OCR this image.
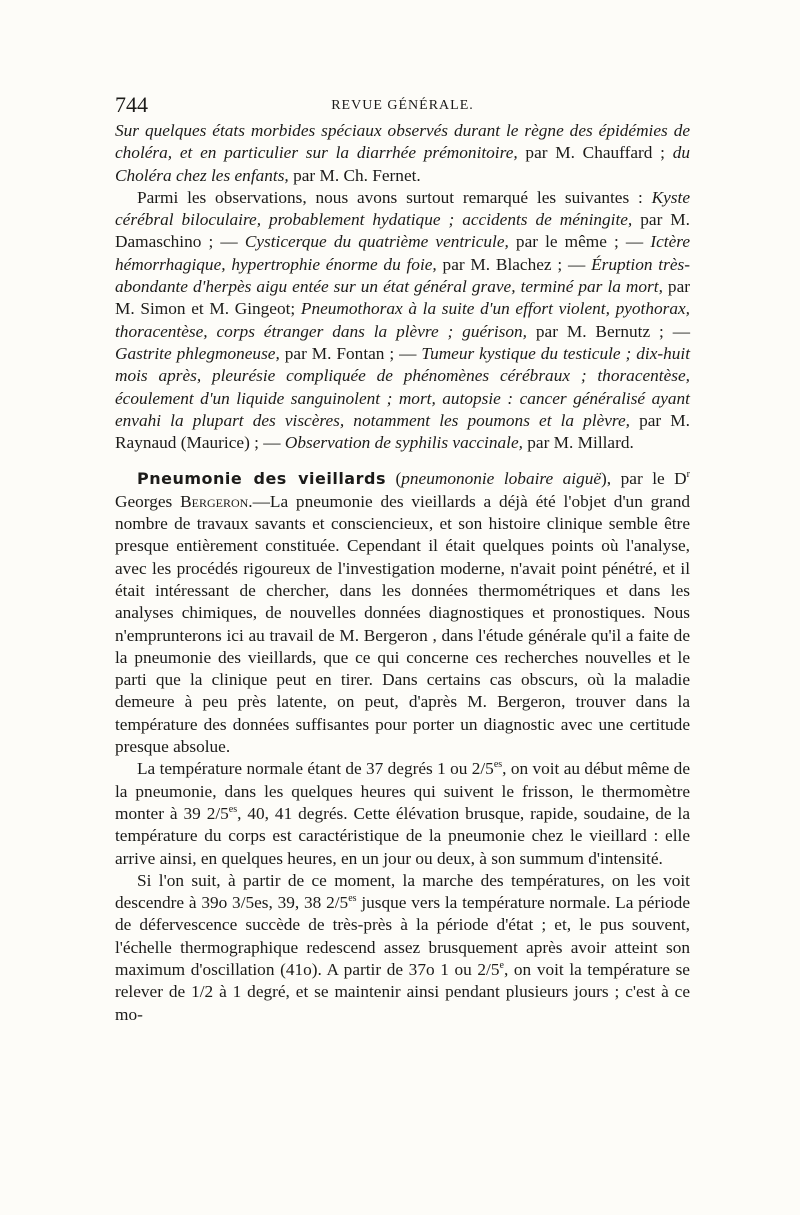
744	REVUE GÉNÉRALE.

Sur quelques états morbides spéciaux observés durant le règne des épidémies de choléra, et en particulier sur la diarrhée prémonitoire, par M. Chauffard ; du Choléra chez les enfants, par M. Ch. Fernet.

Parmi les observations, nous avons surtout remarqué les suivantes : Kyste cérébral biloculaire, probablement hydatique ; accidents de méningite, par M. Damaschino ; — Cysticerque du quatrième ventricule, par le même ; — Ictère hémorrhagique, hypertrophie énorme du foie, par M. Blachez ; — Éruption très-abondante d'herpès aigu entée sur un état général grave, terminé par la mort, par M. Simon et M. Gingeot; Pneumothorax à la suite d'un effort violent, pyothorax, thoracentèse, corps étranger dans la plèvre ; guérison, par M. Bernutz ; — Gastrite phlegmoneuse, par M. Fontan ; — Tumeur kystique du testicule ; dix-huit mois après, pleurésie compliquée de phénomènes cérébraux ; thoracentèse, écoulement d'un liquide sanguinolent ; mort, autopsie : cancer généralisé ayant envahi la plupart des viscères, notamment les poumons et la plèvre, par M. Raynaud (Maurice) ; — Observation de syphilis vaccinale, par M. Millard.

Pneumonie des vieillards (pneumononie lobaire aiguë), par le $D^r$ Georges Bergeron.—La pneumonie des vieillards a déjà été l'objet d'un grand nombre de travaux savants et consciencieux, et son histoire clinique semble être presque entièrement constituée. Cependant il était quelques points où l'analyse, avec les procédés rigoureux de l'investigation moderne, n'avait point pénétré, et il était intéressant de chercher, dans les données thermométriques et dans les analyses chimiques, de nouvelles données diagnostiques et pronostiques. Nous n'emprunterons ici au travail de M. Bergeron , dans l'étude générale qu'il a faite de la pneumonie des vieillards, que ce qui concerne ces recherches nouvelles et le parti que la clinique peut en tirer. Dans certains cas obscurs, où la maladie demeure à peu près latente, on peut, d'après M. Bergeron, trouver dans la température des données suffisantes pour porter un diagnostic avec une certitude presque absolue.

La température normale étant de 37 degrés 1 ou $2/5^{es}$, on voit au début même de la pneumonie, dans les quelques heures qui suivent le frisson, le thermomètre monter à 39 $2/5^{es}$, 40, 41 degrés. Cette élévation brusque, rapide, soudaine, de la température du corps est caractéristique de la pneumonie chez le vieillard : elle arrive ainsi, en quelques heures, en un jour ou deux, à son summum d'intensité.

Si l'on suit, à partir de ce moment, la marche des températures, on les voit descendre à 39o 3/5es, 39, 38 $2/5^{es}$ jusque vers la température normale. La période de défervescence succède de très-près à la période d'état ; et, le pus souvent, l'échelle thermographique redescend assez brusquement après avoir atteint son maximum d'oscillation (41o). A partir de 37o 1 ou 2/5e, on voit la température se relever de 1/2 à 1 degré, et se maintenir ainsi pendant plusieurs jours ; c'est à ce mo-
